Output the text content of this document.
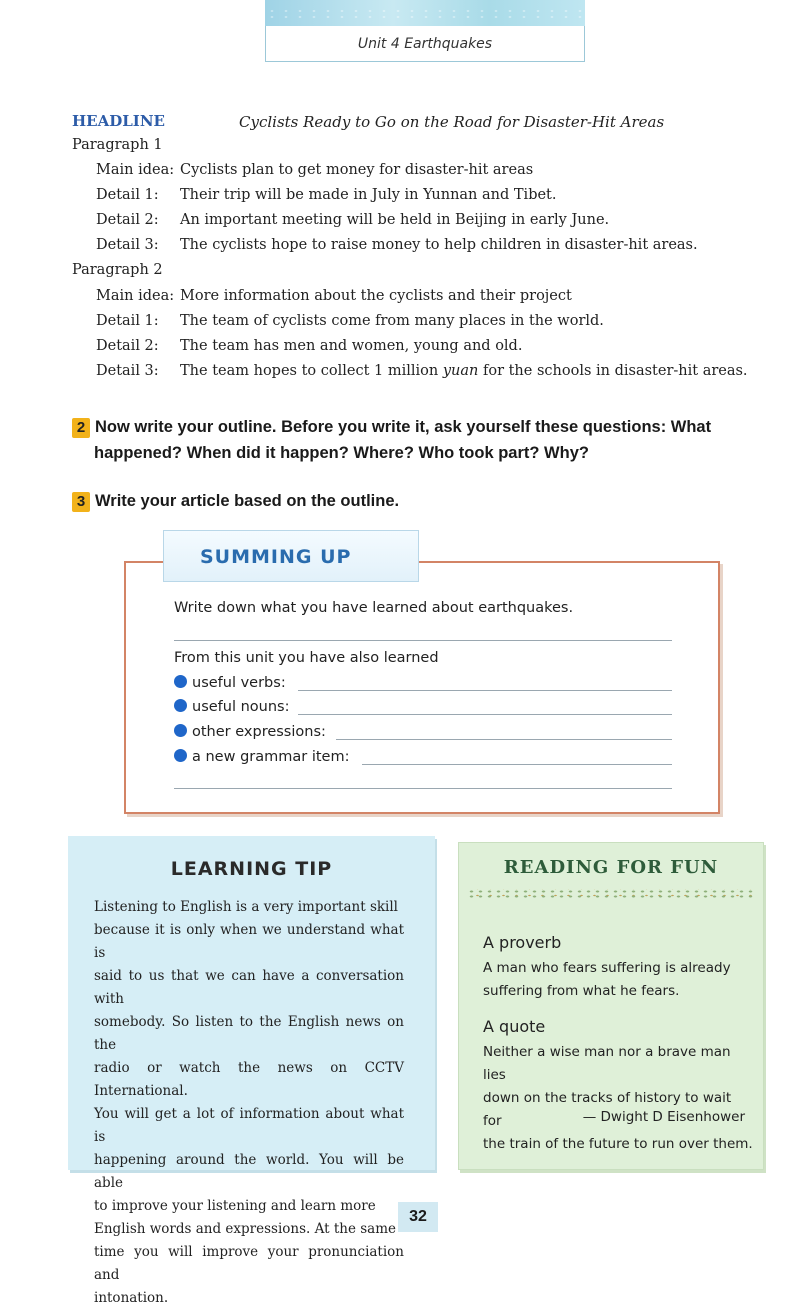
Unit 4 Earthquakes
HEADLINE	Cyclists Ready to Go on the Road for Disaster-Hit Areas
Paragraph 1
Main idea: Cyclists plan to get money for disaster-hit areas
Detail 1: Their trip will be made in July in Yunnan and Tibet.
Detail 2: An important meeting will be held in Beijing in early June.
Detail 3: The cyclists hope to raise money to help children in disaster-hit areas.
Paragraph 2
Main idea: More information about the cyclists and their project
Detail 1: The team of cyclists come from many places in the world.
Detail 2: The team has men and women, young and old.
Detail 3: The team hopes to collect 1 million yuan for the schools in disaster-hit areas.
2 Now write your outline. Before you write it, ask yourself these questions: What
happened? When did it happen? Where? Who took part? Why?
3 Write your article based on the outline.
SUMMING UP
Write down what you have learned about earthquakes.
From this unit you have also learned
useful verbs:
useful nouns:
other expressions:
a new grammar item:
LEARNING TIP
Listening to English is a very important skill
because it is only when we understand what is
said to us that we can have a conversation with
somebody. So listen to the English news on the
radio or watch the news on CCTV International.
You will get a lot of information about what is
happening around the world. You will be able
to improve your listening and learn more
English words and expressions. At the same
time you will improve your pronunciation and
intonation.
READING FOR FUN
A proverb
A man who fears suffering is already
suffering from what he fears.
A quote
Neither a wise man nor a brave man lies
down on the tracks of history to wait for
the train of the future to run over them.
— Dwight D Eisenhower
32
